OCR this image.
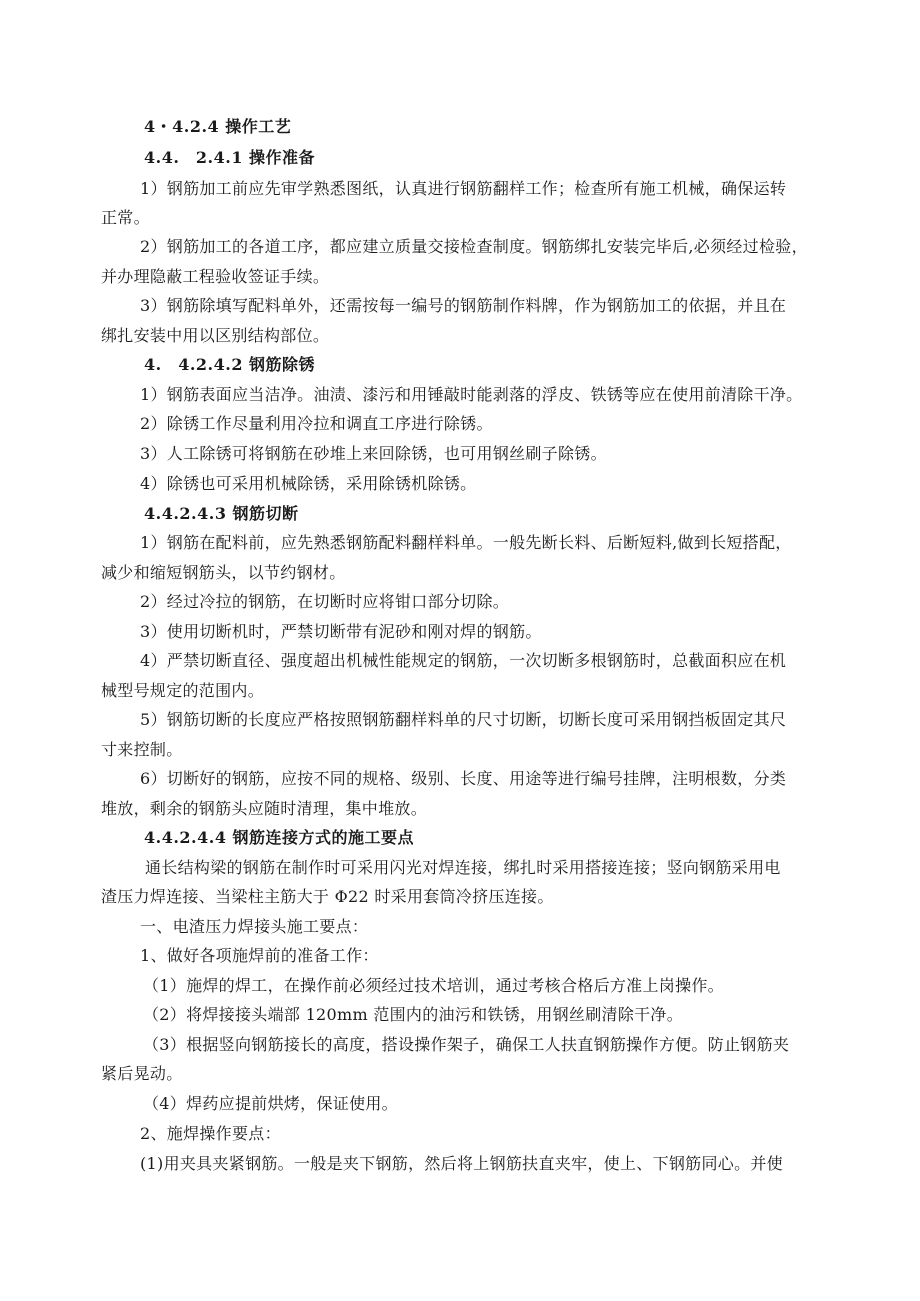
4・4.2.4 操作工艺
4.4.　2.4.1 操作准备
1）钢筋加工前应先审学熟悉图纸，认真进行钢筋翻样工作；检查所有施工机械，确保运转
正常。
2）钢筋加工的各道工序，都应建立质量交接检查制度。钢筋绑扎安装完毕后,必须经过检验，
并办理隐蔽工程验收签证手续。
3）钢筋除填写配料单外，还需按每一编号的钢筋制作料牌，作为钢筋加工的依据，并且在
绑扎安装中用以区别结构部位。
4.　4.2.4.2 钢筋除锈
1）钢筋表面应当洁净。油渍、漆污和用锤敲时能剥落的浮皮、铁锈等应在使用前清除干净。
2）除锈工作尽量利用冷拉和调直工序进行除锈。
3）人工除锈可将钢筋在砂堆上来回除锈，也可用钢丝刷子除锈。
4）除锈也可采用机械除锈，采用除锈机除锈。
4.4.2.4.3 钢筋切断
1）钢筋在配料前，应先熟悉钢筋配料翻样料单。一般先断长料、后断短料,做到长短搭配，
减少和缩短钢筋头，以节约钢材。
2）经过冷拉的钢筋，在切断时应将钳口部分切除。
3）使用切断机时，严禁切断带有泥砂和刚对焊的钢筋。
4）严禁切断直径、强度超出机械性能规定的钢筋，一次切断多根钢筋时，总截面积应在机
械型号规定的范围内。
5）钢筋切断的长度应严格按照钢筋翻样料单的尺寸切断，切断长度可采用钢挡板固定其尺
寸来控制。
6）切断好的钢筋，应按不同的规格、级别、长度、用途等进行编号挂牌，注明根数，分类
堆放，剩余的钢筋头应随时清理，集中堆放。
4.4.2.4.4 钢筋连接方式的施工要点
通长结构梁的钢筋在制作时可采用闪光对焊连接，绑扎时采用搭接连接；竖向钢筋采用电
渣压力焊连接、当梁柱主筋大于 Φ22 时采用套筒冷挤压连接。
一、电渣压力焊接头施工要点：
1、做好各项施焊前的准备工作：
（1）施焊的焊工，在操作前必须经过技术培训，通过考核合格后方准上岗操作。
（2）将焊接接头端部 120mm 范围内的油污和铁锈，用钢丝刷清除干净。
（3）根据竖向钢筋接长的高度，搭设操作架子，确保工人扶直钢筋操作方便。防止钢筋夹
紧后晃动。
（4）焊药应提前烘烤，保证使用。
2、施焊操作要点：
(1)用夹具夹紧钢筋。一般是夹下钢筋，然后将上钢筋扶直夹牢，使上、下钢筋同心。并使
